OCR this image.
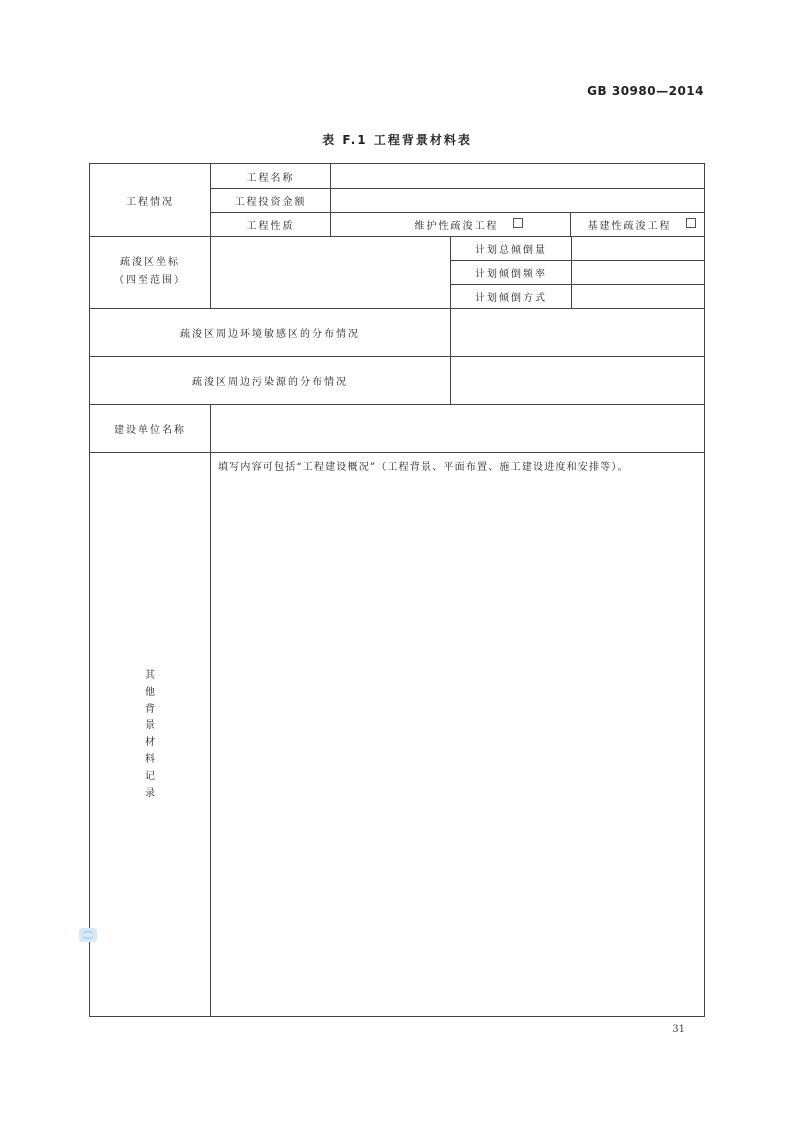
GB 30980—2014
表 F.1 工程背景材料表
工程情况
工程名称
工程投资金额
工程性质	维护性疏浚工程	基建性疏浚工程
疏浚区坐标
（四至范围）
计划总倾倒量
计划倾倒频率
计划倾倒方式
疏浚区周边环境敏感区的分布情况
疏浚区周边污染源的分布情况
建设单位名称
其
他
背
景
材
料
记
录
填写内容可包括“工程建设概况”（工程背景、平面布置、施工建设进度和安排等）。
31
